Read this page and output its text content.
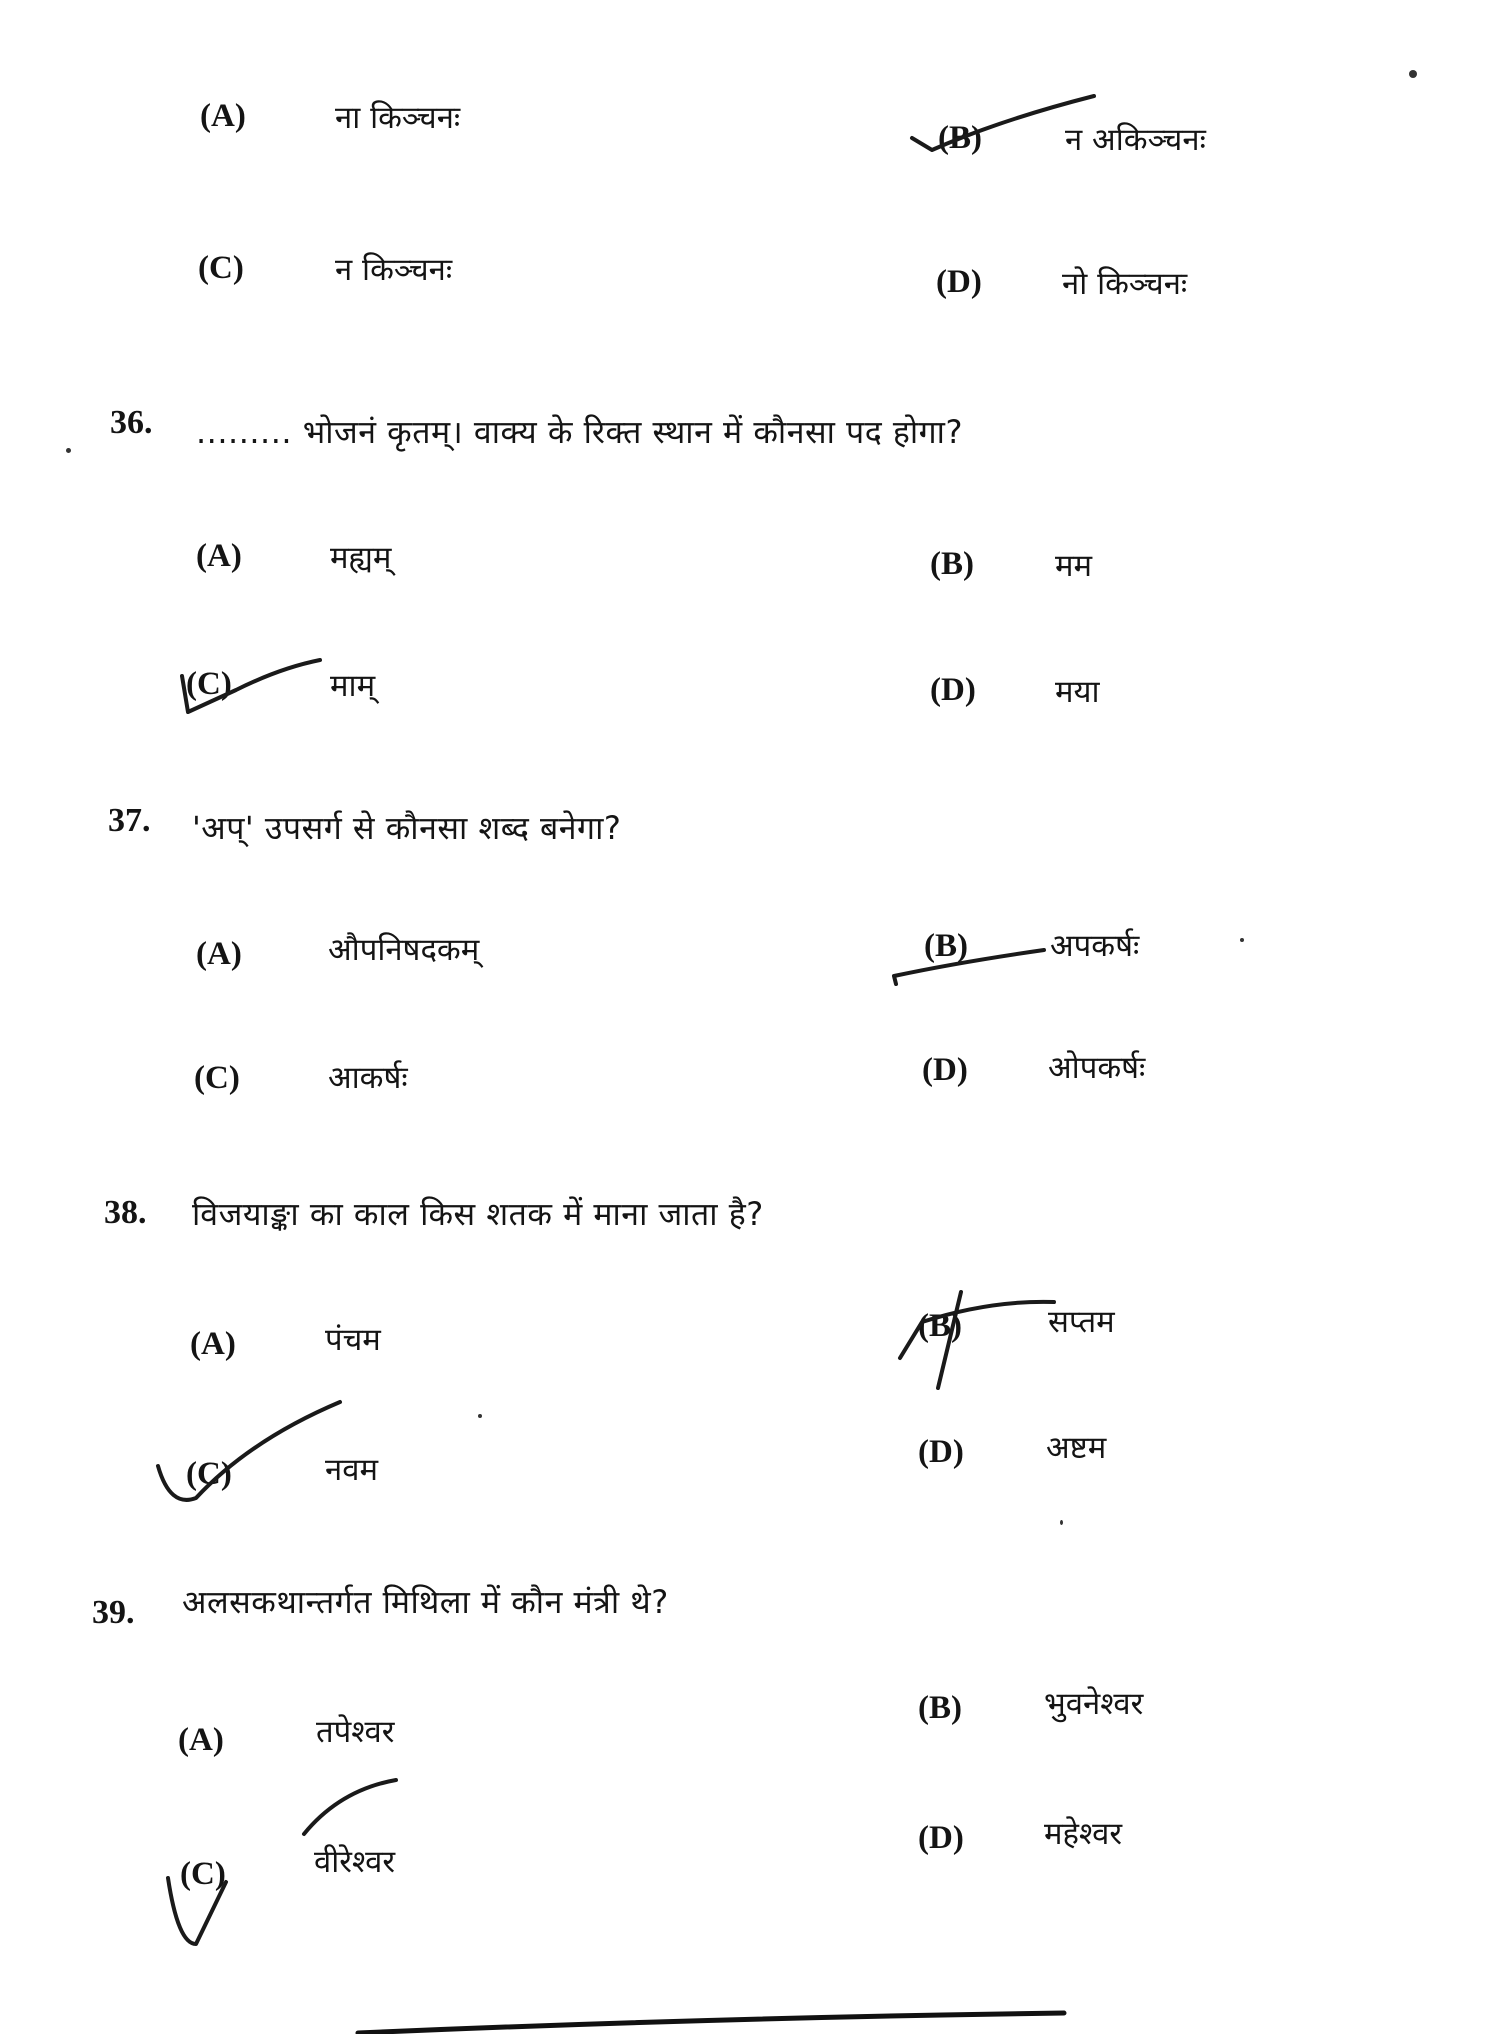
(A)	ना किञ्चनः
(B)	न अकिञ्चनः
(C)	न किञ्चनः	(D)	नो किञ्चनः
36. ......... भोजनं कृतम्। वाक्य के रिक्त स्थान में कौनसा पद होगा?
(A)	मह्यम्	(B)	मम
(C)	माम्	(D)	मया
37. 'अप्' उपसर्ग से कौनसा शब्द बनेगा?
(A)	औपनिषदकम्	(B)	अपकर्षः
(C)	आकर्षः	(D)	ओपकर्षः
38. विजयाङ्का का काल किस शतक में माना जाता है?
(A)	पंचम	(B)	सप्तम
(C)	नवम	(D)	अष्टम
39. अलसकथान्तर्गत मिथिला में कौन मंत्री थे?
(A)	तपेश्वर
(B)	भुवनेश्वर
(C)	वीरेश्वर
(D)	महेश्वर
